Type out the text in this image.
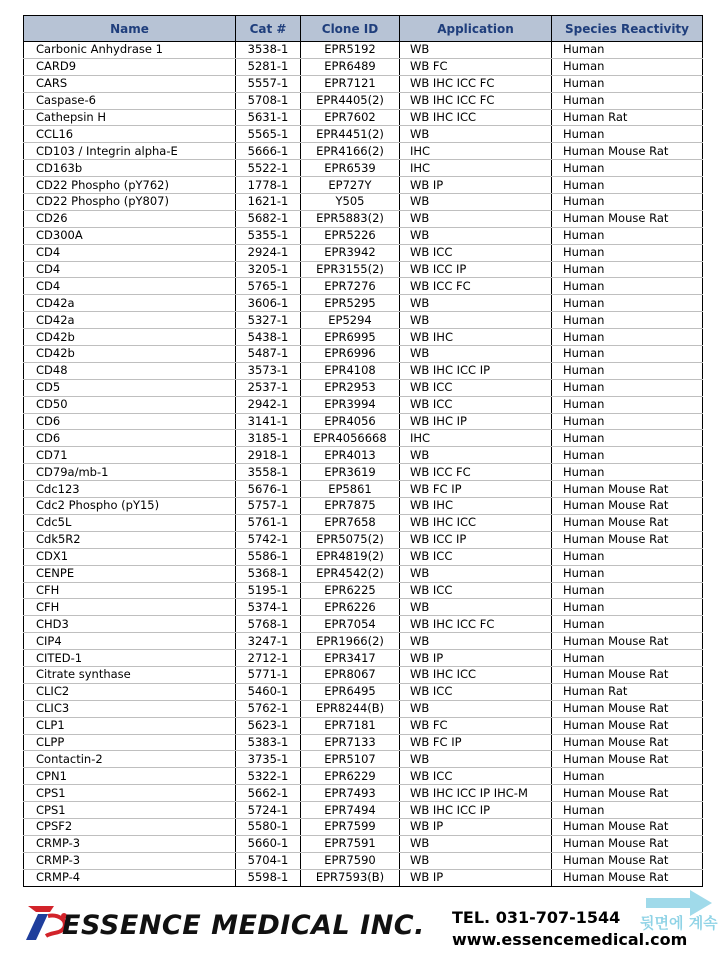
Name	Cat #	Clone ID	Application	Species Reactivity
Carbonic Anhydrase 1	3538-1	EPR5192	WB	Human
CARD9	5281-1	EPR6489	WB FC	Human
CARS	5557-1	EPR7121	WB IHC ICC FC	Human
Caspase-6	5708-1	EPR4405(2)	WB IHC ICC FC	Human
Cathepsin H	5631-1	EPR7602	WB IHC ICC	Human Rat
CCL16	5565-1	EPR4451(2)	WB	Human
CD103 / Integrin alpha-E	5666-1	EPR4166(2)	IHC	Human Mouse Rat
CD163b	5522-1	EPR6539	IHC	Human
CD22 Phospho (pY762)	1778-1	EP727Y	WB IP	Human
CD22 Phospho (pY807)	1621-1	Y505	WB	Human
CD26	5682-1	EPR5883(2)	WB	Human Mouse Rat
CD300A	5355-1	EPR5226	WB	Human
CD4	2924-1	EPR3942	WB ICC	Human
CD4	3205-1	EPR3155(2)	WB ICC IP	Human
CD4	5765-1	EPR7276	WB ICC FC	Human
CD42a	3606-1	EPR5295	WB	Human
CD42a	5327-1	EP5294	WB	Human
CD42b	5438-1	EPR6995	WB IHC	Human
CD42b	5487-1	EPR6996	WB	Human
CD48	3573-1	EPR4108	WB IHC ICC IP	Human
CD5	2537-1	EPR2953	WB ICC	Human
CD50	2942-1	EPR3994	WB ICC	Human
CD6	3141-1	EPR4056	WB IHC IP	Human
CD6	3185-1	EPR4056668	IHC	Human
CD71	2918-1	EPR4013	WB	Human
CD79a/mb-1	3558-1	EPR3619	WB ICC FC	Human
Cdc123	5676-1	EP5861	WB FC IP	Human Mouse Rat
Cdc2 Phospho (pY15)	5757-1	EPR7875	WB IHC	Human Mouse Rat
Cdc5L	5761-1	EPR7658	WB IHC ICC	Human Mouse Rat
Cdk5R2	5742-1	EPR5075(2)	WB ICC IP	Human Mouse Rat
CDX1	5586-1	EPR4819(2)	WB ICC	Human
CENPE	5368-1	EPR4542(2)	WB	Human
CFH	5195-1	EPR6225	WB ICC	Human
CFH	5374-1	EPR6226	WB	Human
CHD3	5768-1	EPR7054	WB IHC ICC FC	Human
CIP4	3247-1	EPR1966(2)	WB	Human Mouse Rat
CITED-1	2712-1	EPR3417	WB IP	Human
Citrate synthase	5771-1	EPR8067	WB IHC ICC	Human Mouse Rat
CLIC2	5460-1	EPR6495	WB ICC	Human Rat
CLIC3	5762-1	EPR8244(B)	WB	Human Mouse Rat
CLP1	5623-1	EPR7181	WB FC	Human Mouse Rat
CLPP	5383-1	EPR7133	WB FC IP	Human Mouse Rat
Contactin-2	3735-1	EPR5107	WB	Human Mouse Rat
CPN1	5322-1	EPR6229	WB ICC	Human
CPS1	5662-1	EPR7493	WB IHC ICC IP IHC-M	Human Mouse Rat
CPS1	5724-1	EPR7494	WB IHC ICC IP	Human
CPSF2	5580-1	EPR7599	WB IP	Human Mouse Rat
CRMP-3	5660-1	EPR7591	WB	Human Mouse Rat
CRMP-3	5704-1	EPR7590	WB	Human Mouse Rat
CRMP-4	5598-1	EPR7593(B)	WB IP	Human Mouse Rat
ESSENCE MEDICAL INC. TEL. 031-707-1544
www.essencemedical.com
뒷면에 계속
